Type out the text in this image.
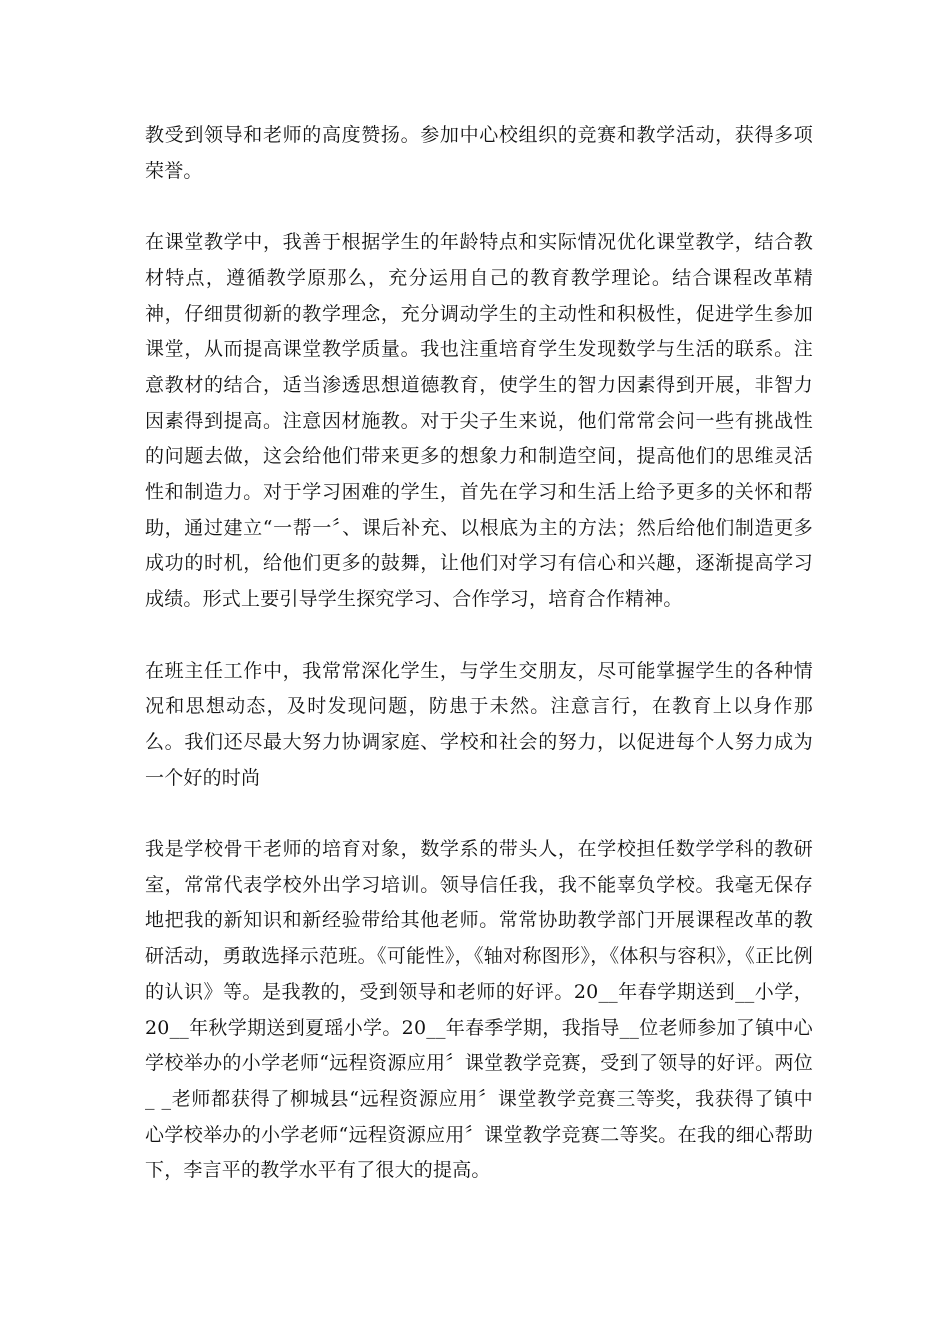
教受到领导和老师的高度赞扬。参加中心校组织的竞赛和教学活动，获得多项荣誉。

在课堂教学中，我善于根据学生的年龄特点和实际情况优化课堂教学，结合教材特点，遵循教学原那么，充分运用自己的教育教学理论。结合课程改革精神，仔细贯彻新的教学理念，充分调动学生的主动性和积极性，促进学生参加课堂，从而提高课堂教学质量。我也注重培育学生发现数学与生活的联系。注意教材的结合，适当渗透思想道德教育，使学生的智力因素得到开展，非智力因素得到提高。注意因材施教。对于尖子生来说，他们常常会问一些有挑战性的问题去做，这会给他们带来更多的想象力和制造空间，提高他们的思维灵活性和制造力。对于学习困难的学生，首先在学习和生活上给予更多的关怀和帮助，通过建立“一帮一〞、课后补充、以根底为主的方法；然后给他们制造更多成功的时机，给他们更多的鼓舞，让他们对学习有信心和兴趣，逐渐提高学习成绩。形式上要引导学生探究学习、合作学习，培育合作精神。

在班主任工作中，我常常深化学生，与学生交朋友，尽可能掌握学生的各种情况和思想动态，及时发现问题，防患于未然。注意言行，在教育上以身作那么。我们还尽最大努力协调家庭、学校和社会的努力，以促进每个人努力成为一个好的时尚

我是学校骨干老师的培育对象，数学系的带头人，在学校担任数学学科的教研室，常常代表学校外出学习培训。领导信任我，我不能辜负学校。我毫无保存地把我的新知识和新经验带给其他老师。常常协助教学部门开展课程改革的教研活动，勇敢选择示范班。《可能性》，《轴对称图形》，《体积与容积》，《正比例的认识》等。是我教的，受到领导和老师的好评。20__年春学期送到__小学，20__年秋学期送到夏瑶小学。20__年春季学期，我指导__位老师参加了镇中心学校举办的小学老师“远程资源应用〞课堂教学竞赛，受到了领导的好评。两位_ _老师都获得了柳城县“远程资源应用〞课堂教学竞赛三等奖，我获得了镇中心学校举办的小学老师“远程资源应用〞课堂教学竞赛二等奖。在我的细心帮助下，李言平的教学水平有了很大的提高。
